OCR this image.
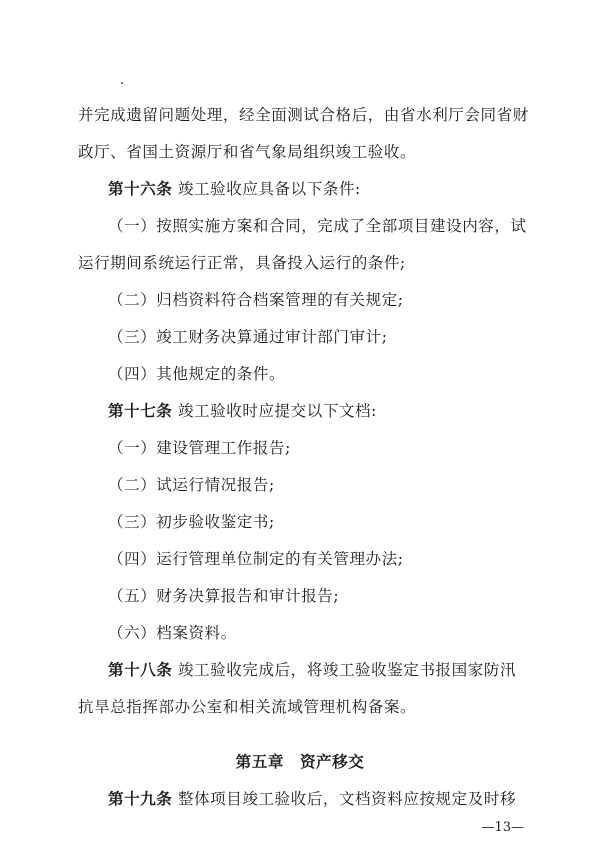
并完成遗留问题处理，经全面测试合格后，由省水利厅会同省财
政厅、省国土资源厅和省气象局组织竣工验收。
第十六条 竣工验收应具备以下条件:
（一）按照实施方案和合同，完成了全部项目建设内容，试
运行期间系统运行正常，具备投入运行的条件;
（二）归档资料符合档案管理的有关规定;
（三）竣工财务决算通过审计部门审计;
（四）其他规定的条件。
第十七条 竣工验收时应提交以下文档:
（一）建设管理工作报告;
（二）试运行情况报告;
（三）初步验收鉴定书;
（四）运行管理单位制定的有关管理办法;
（五）财务决算报告和审计报告;
（六）档案资料。
第十八条 竣工验收完成后，将竣工验收鉴定书报国家防汛
抗旱总指挥部办公室和相关流域管理机构备案。
第五章 资产移交
第十九条 整体项目竣工验收后，文档资料应按规定及时移
—13—
